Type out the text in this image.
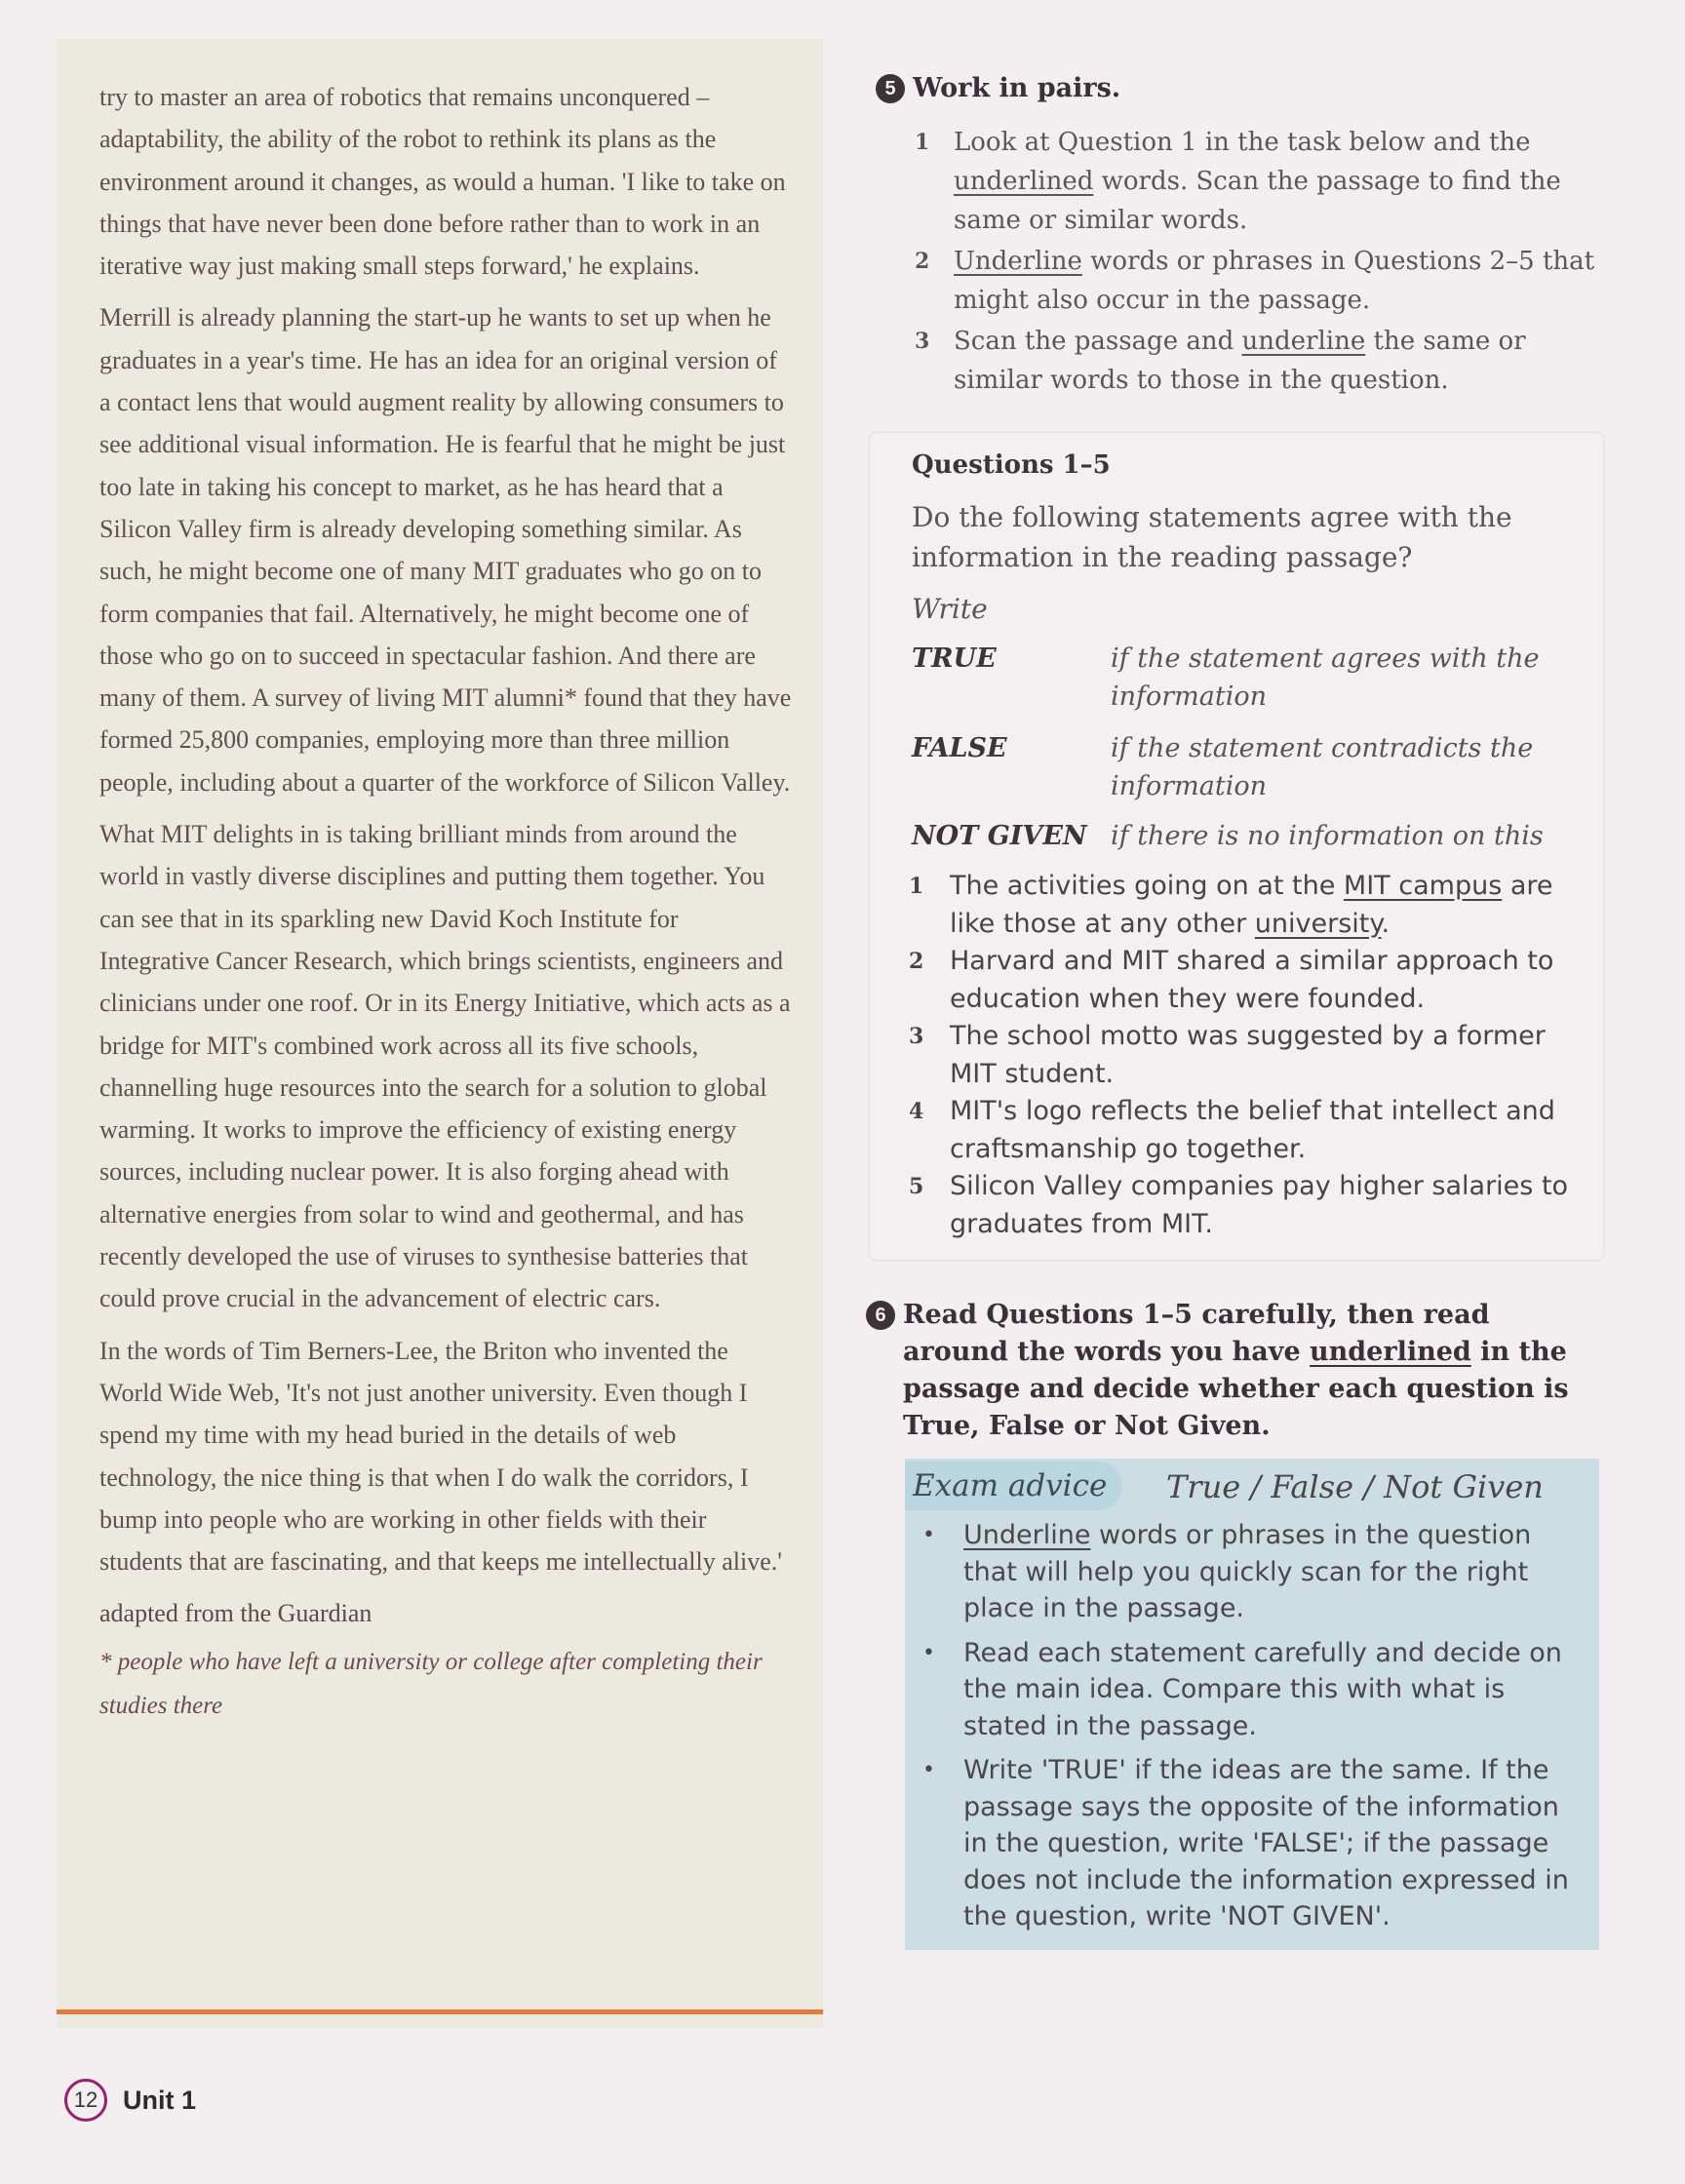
try to master an area of robotics that remains unconquered – adaptability, the ability of the robot to rethink its plans as the environment around it changes, as would a human. 'I like to take on things that have never been done before rather than to work in an iterative way just making small steps forward,' he explains.

Merrill is already planning the start-up he wants to set up when he graduates in a year's time. He has an idea for an original version of a contact lens that would augment reality by allowing consumers to see additional visual information. He is fearful that he might be just too late in taking his concept to market, as he has heard that a Silicon Valley firm is already developing something similar. As such, he might become one of many MIT graduates who go on to form companies that fail. Alternatively, he might become one of those who go on to succeed in spectacular fashion. And there are many of them. A survey of living MIT alumni* found that they have formed 25,800 companies, employing more than three million people, including about a quarter of the workforce of Silicon Valley.

What MIT delights in is taking brilliant minds from around the world in vastly diverse disciplines and putting them together. You can see that in its sparkling new David Koch Institute for Integrative Cancer Research, which brings scientists, engineers and clinicians under one roof. Or in its Energy Initiative, which acts as a bridge for MIT's combined work across all its five schools, channelling huge resources into the search for a solution to global warming. It works to improve the efficiency of existing energy sources, including nuclear power. It is also forging ahead with alternative energies from solar to wind and geothermal, and has recently developed the use of viruses to synthesise batteries that could prove crucial in the advancement of electric cars.

In the words of Tim Berners-Lee, the Briton who invented the World Wide Web, 'It's not just another university. Even though I spend my time with my head buried in the details of web technology, the nice thing is that when I do walk the corridors, I bump into people who are working in other fields with their students that are fascinating, and that keeps me intellectually alive.'

adapted from the Guardian

* people who have left a university or college after completing their studies there

12 Unit 1
5 Work in pairs.
1 Look at Question 1 in the task below and the underlined words. Scan the passage to find the same or similar words.
2 Underline words or phrases in Questions 2–5 that might also occur in the passage.
3 Scan the passage and underline the same or similar words to those in the question.
Questions 1–5
Do the following statements agree with the information in the reading passage?
Write
TRUE	if the statement agrees with the information
FALSE	if the statement contradicts the information
NOT GIVEN if there is no information on this
1 The activities going on at the MIT campus are like those at any other university.
2 Harvard and MIT shared a similar approach to education when they were founded.
3 The school motto was suggested by a former MIT student.
4 MIT's logo reflects the belief that intellect and craftsmanship go together.
5 Silicon Valley companies pay higher salaries to graduates from MIT.
6 Read Questions 1–5 carefully, then read around the words you have underlined in the passage and decide whether each question is True, False or Not Given.
Exam advice	True / False / Not Given
•	Underline words or phrases in the question that will help you quickly scan for the right place in the passage.
•	Read each statement carefully and decide on the main idea. Compare this with what is stated in the passage.
•	Write 'TRUE' if the ideas are the same. If the passage says the opposite of the information in the question, write 'FALSE'; if the passage does not include the information expressed in the question, write 'NOT GIVEN'.
